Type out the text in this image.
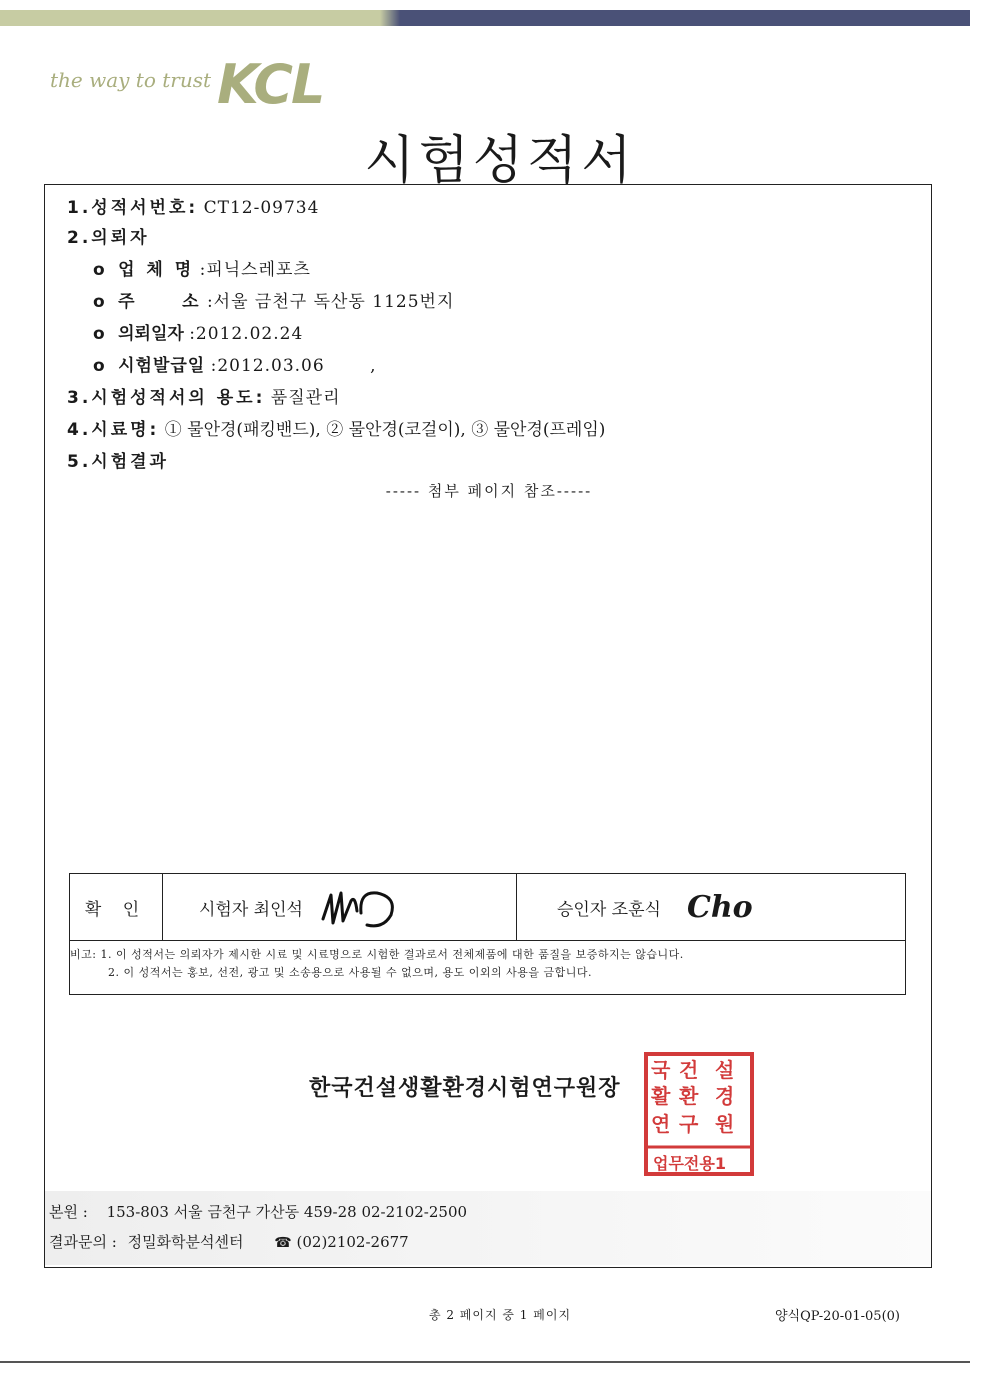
the way to trust KCL
시험성적서
1.성적서번호: CT12-09734
2.의뢰자
o 업 체 명 :피닉스레포츠
o 주     소 :서울 금천구 독산동 1125번지
o 의뢰일자 :2012.02.24
o 시험발급일 :2012.03.06	,
3.시험성적서의 용도: 품질관리
4.시료명: ① 물안경(패킹밴드), ② 물안경(코걸이), ③ 물안경(프레임)
5.시험결과
----- 첨부 페이지 참조-----
확 인	시험자 최인석	승인자 조훈식 Cho
비고: 1. 이 성적서는 의뢰자가 제시한 시료 및 시료명으로 시험한 결과로서 전체제품에 대한 품질을 보증하지는 않습니다.
2. 이 성적서는 홍보, 선전, 광고 및 소송용으로 사용될 수 없으며, 용도 이외의 사용을 금합니다.
한국건설생활환경시험연구원장
국 건 설
활 환 경
연 구 원
업무전용1
본원 : 153-803 서울 금천구 가산동 459-28 02-2102-2500
결과문의 : 정밀화학분석센터 ☎ (02)2102-2677
총 2 페이지 중 1 페이지	양식QP-20-01-05(0)
